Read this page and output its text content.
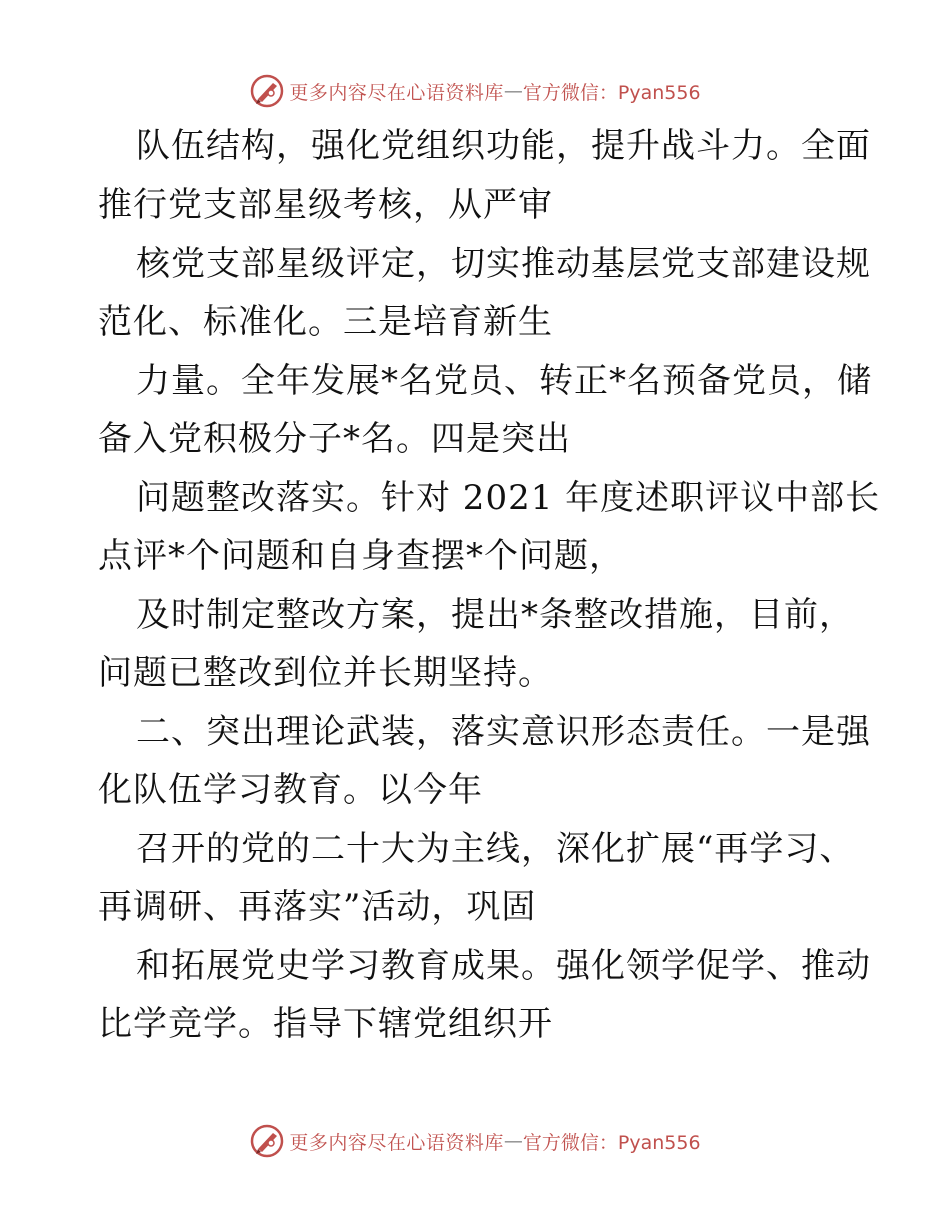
更多内容尽在心语资料库 — 官方微信：Pyan556
队伍结构，强化党组织功能，提升战斗力。全面
推行党支部星级考核，从严审
核党支部星级评定，切实推动基层党支部建设规
范化、标准化。三是培育新生
力量。全年发展*名党员、转正*名预备党员，储
备入党积极分子*名。四是突出
问题整改落实。针对 2021 年度述职评议中部长
点评*个问题和自身查摆*个问题，
及时制定整改方案，提出*条整改措施，目前，
问题已整改到位并长期坚持。
二、突出理论武装，落实意识形态责任。一是强
化队伍学习教育。以今年
召开的党的二十大为主线，深化扩展“再学习、
再调研、再落实”活动，巩固
和拓展党史学习教育成果。强化领学促学、推动
比学竞学。指导下辖党组织开
更多内容尽在心语资料库 — 官方微信：Pyan556
